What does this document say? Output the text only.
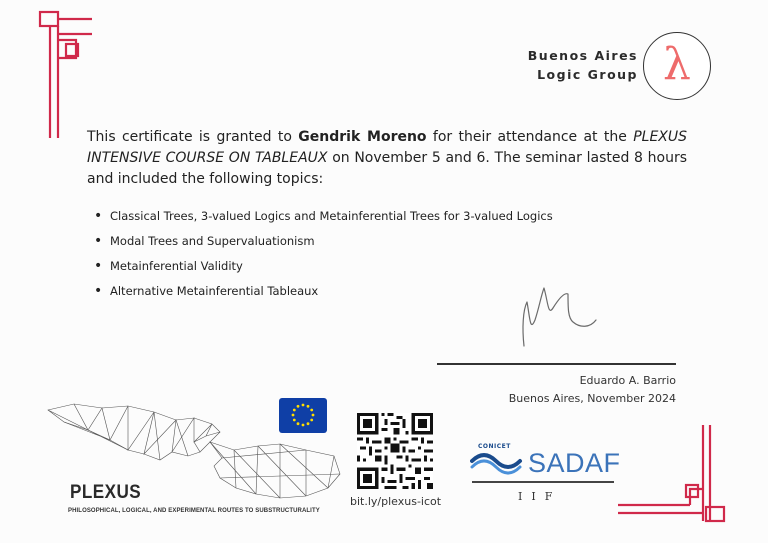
Buenos Aires
Logic Group λ
This certificate is granted to Gendrik Moreno for their attendance at the PLEXUS INTENSIVE COURSE ON TABLEAUX on November 5 and 6. The seminar lasted 8 hours and included the following topics:
• Classical Trees, 3-valued Logics and Metainferential Trees for 3-valued Logics
• Modal Trees and Supervaluationism
• Metainferential Validity
• Alternative Metainferential Tableaux
Eduardo A. Barrio
Buenos Aires, November 2024
PLEXUS
PHILOSOPHICAL, LOGICAL, AND EXPERIMENTAL ROUTES TO SUBSTRUCTURALITY
bit.ly/plexus-icot
CONICET
SADAF
IIF
